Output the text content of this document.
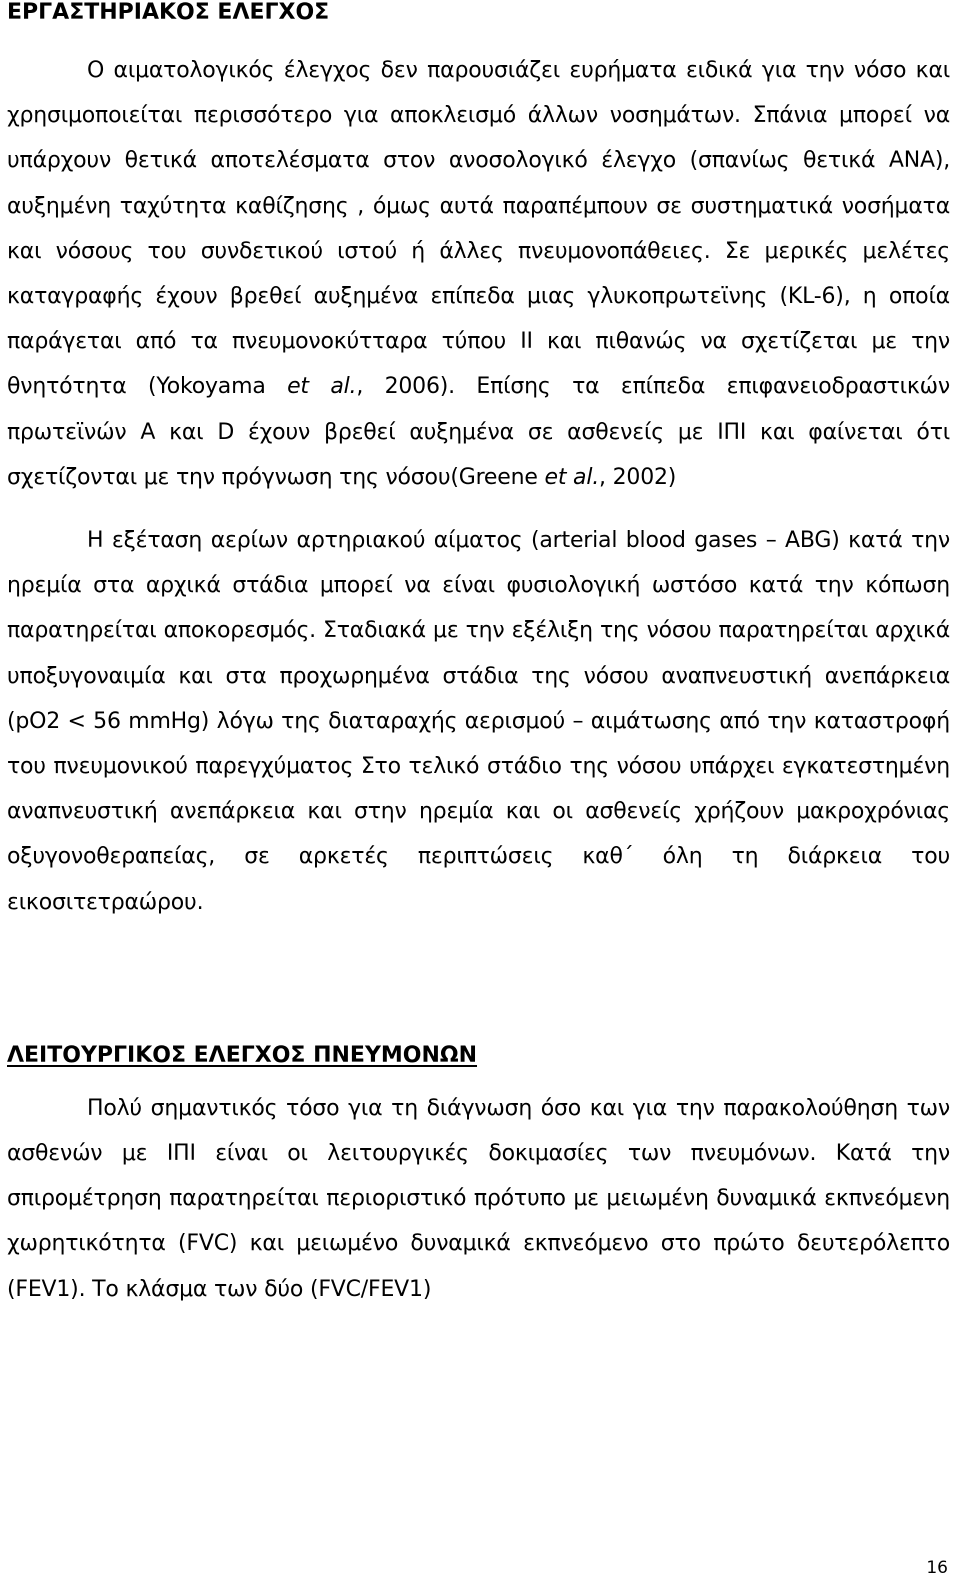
ΕΡΓΑΣΤΗΡΙΑΚΟΣ ΕΛΕΓΧΟΣ

Ο αιματολογικός έλεγχος δεν παρουσιάζει ευρήματα ειδικά για την νόσο και χρησιμοποιείται περισσότερο για αποκλεισμό άλλων νοσημάτων. Σπάνια μπορεί να υπάρχουν θετικά αποτελέσματα στον ανοσολογικό έλεγχο (σπανίως θετικά ΑΝΑ), αυξημένη ταχύτητα καθίζησης , όμως αυτά παραπέμπουν σε συστηματικά νοσήματα και νόσους του συνδετικού ιστού ή άλλες πνευμονοπάθειες. Σε μερικές μελέτες καταγραφής έχουν βρεθεί αυξημένα επίπεδα μιας γλυκοπρωτεϊνης (KL-6), η οποία παράγεται από τα πνευμονοκύτταρα τύπου ΙΙ και πιθανώς να σχετίζεται με την θνητότητα (Yokoyama et al., 2006). Επίσης τα επίπεδα επιφανειοδραστικών πρωτεϊνών Α και D έχουν βρεθεί αυξημένα σε ασθενείς με ΙΠΙ και φαίνεται ότι σχετίζονται με την πρόγνωση της νόσου(Greene et al., 2002)

Η εξέταση αερίων αρτηριακού αίματος (arterial blood gases – ABG) κατά την ηρεμία στα αρχικά στάδια μπορεί να είναι φυσιολογική ωστόσο κατά την κόπωση παρατηρείται αποκορεσμός. Σταδιακά με την εξέλιξη της νόσου παρατηρείται αρχικά υποξυγοναιμία και στα προχωρημένα στάδια της νόσου αναπνευστική ανεπάρκεια (pO2 < 56 mmHg) λόγω της διαταραχής αερισμού – αιμάτωσης από την καταστροφή του πνευμονικού παρεγχύματος Στο τελικό στάδιο της νόσου υπάρχει εγκατεστημένη αναπνευστική ανεπάρκεια και στην ηρεμία και οι ασθενείς χρήζουν μακροχρόνιας οξυγονοθεραπείας, σε αρκετές περιπτώσεις καθ΄ όλη τη διάρκεια του εικοσιτετραώρου.

ΛΕΙΤΟΥΡΓΙΚΟΣ ΕΛΕΓΧΟΣ ΠΝΕΥΜΟΝΩΝ

Πολύ σημαντικός τόσο για τη διάγνωση όσο και για την παρακολούθηση των ασθενών με ΙΠΙ είναι οι λειτουργικές δοκιμασίες των πνευμόνων. Κατά την σπιρομέτρηση παρατηρείται περιοριστικό πρότυπο με μειωμένη δυναμικά εκπνεόμενη χωρητικότητα (FVC) και μειωμένο δυναμικά εκπνεόμενο στο πρώτο δευτερόλεπτο (FEV1). Το κλάσμα των δύο (FVC/FEV1)

16
